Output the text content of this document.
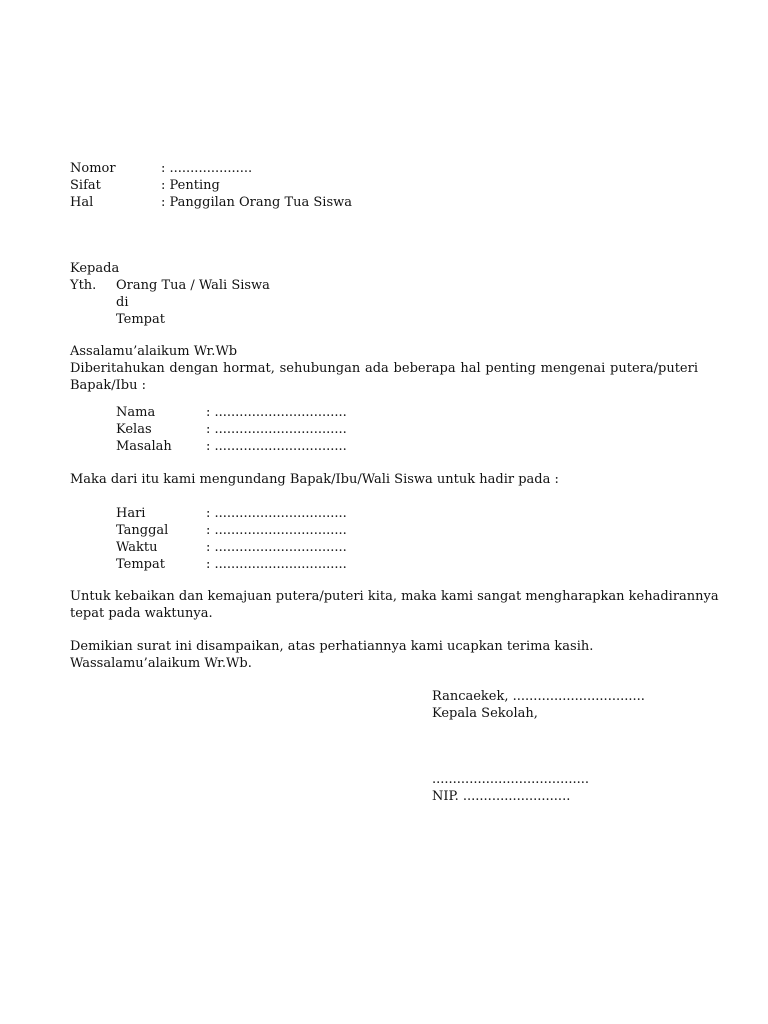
Nomor	: ....................
Sifat	: Penting
Hal	: Panggilan Orang Tua Siswa
Kepada
Yth.	Orang Tua / Wali Siswa
di
Tempat
Assalamu’alaikum Wr.Wb
Diberitahukan dengan hormat, sehubungan ada beberapa hal penting mengenai putera/puteri
Bapak/Ibu :
Nama	: ................................
Kelas	: ................................
Masalah	: ................................
Maka dari itu kami mengundang Bapak/Ibu/Wali Siswa untuk hadir pada :
Hari	: ................................
Tanggal	: ................................
Waktu	: ................................
Tempat	: ................................
Untuk kebaikan dan kemajuan putera/puteri kita, maka kami sangat mengharapkan kehadirannya
tepat pada waktunya.
Demikian surat ini disampaikan, atas perhatiannya kami ucapkan terima kasih.
Wassalamu’alaikum Wr.Wb.
Rancaekek, ................................
Kepala Sekolah,
......................................
NIP. ..........................
